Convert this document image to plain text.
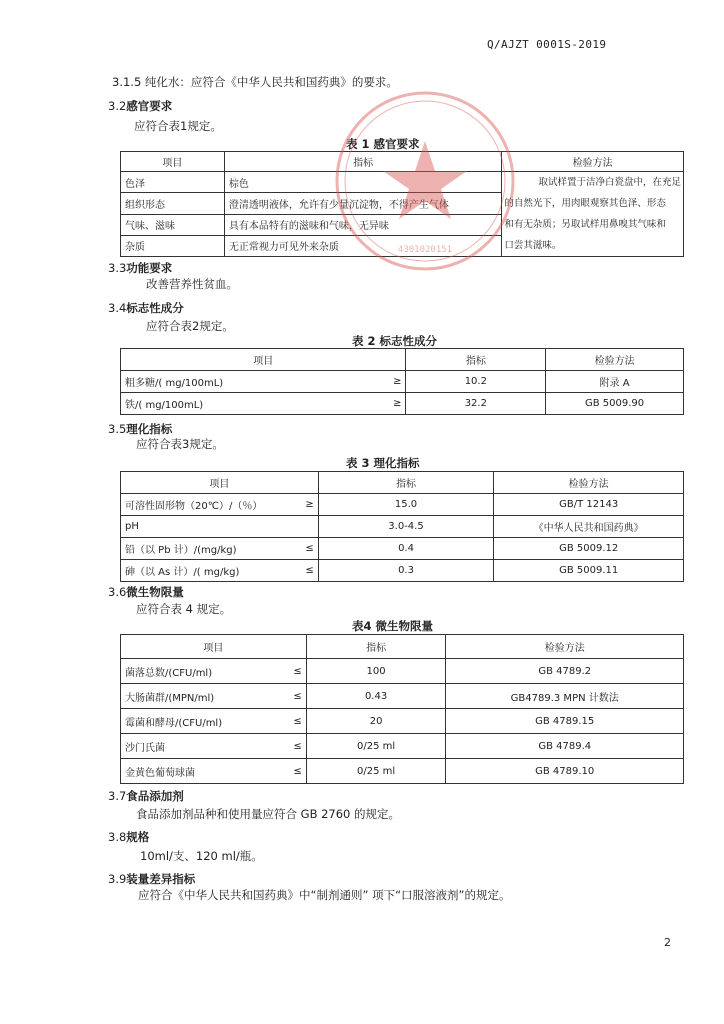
Q/AJZT 0001S-2019
3.1.5 纯化水：应符合《中华人民共和国药典》的要求。
3.2感官要求
应符合表1规定。
表 1 感官要求
项目	指标	检验方法
色泽	棕色	取试样置于洁净白瓷盘中，在充足
的自然光下，用肉眼观察其色泽、形态
和有无杂质；另取试样用鼻嗅其气味和
口尝其滋味。

组织形态	澄清透明液体，允许有少量沉淀物，不得产生气体	
气味、滋味	具有本品特有的滋味和气味，无异味	
杂质	无正常视力可见外来杂质	
3.3功能要求
改善营养性贫血。
3.4标志性成分
应符合表2规定。
表 2 标志性成分
项目	指标	检验方法

粗多糖/( mg/100mL) ≥	10.2	附录 A

铁/( mg/100mL) ≥	32.2	GB 5009.90
3.5理化指标
应符合表3规定。
表 3 理化指标
项目	指标	检验方法

可溶性固形物（20℃）/（％） ≥	15.0	GB/T 12143

pH	3.0-4.5	《中华人民共和国药典》

铅（以 Pb 计）/(mg/kg) ≤	0.4	GB 5009.12

砷（以 As 计）/( mg/kg) ≤	0.3	GB 5009.11
3.6微生物限量
应符合表 4 规定。
表4 微生物限量
项目	指标	检验方法

菌落总数/(CFU/ml) ≤	100	GB 4789.2

大肠菌群/(MPN/ml) ≤	0.43	GB4789.3 MPN 计数法

霉菌和酵母/(CFU/ml) ≤	20	GB 4789.15

沙门氏菌 ≤	0/25 ml	GB 4789.4

金黄色葡萄球菌 ≤	0/25 ml	GB 4789.10
3.7食品添加剂
食品添加剂品种和使用量应符合 GB 2760 的规定。
3.8规格
10ml/支、120 ml/瓶。
3.9装量差异指标
应符合《中华人民共和国药典》中“制剂通则” 项下“口服溶液剂”的规定。
2
4301020151
